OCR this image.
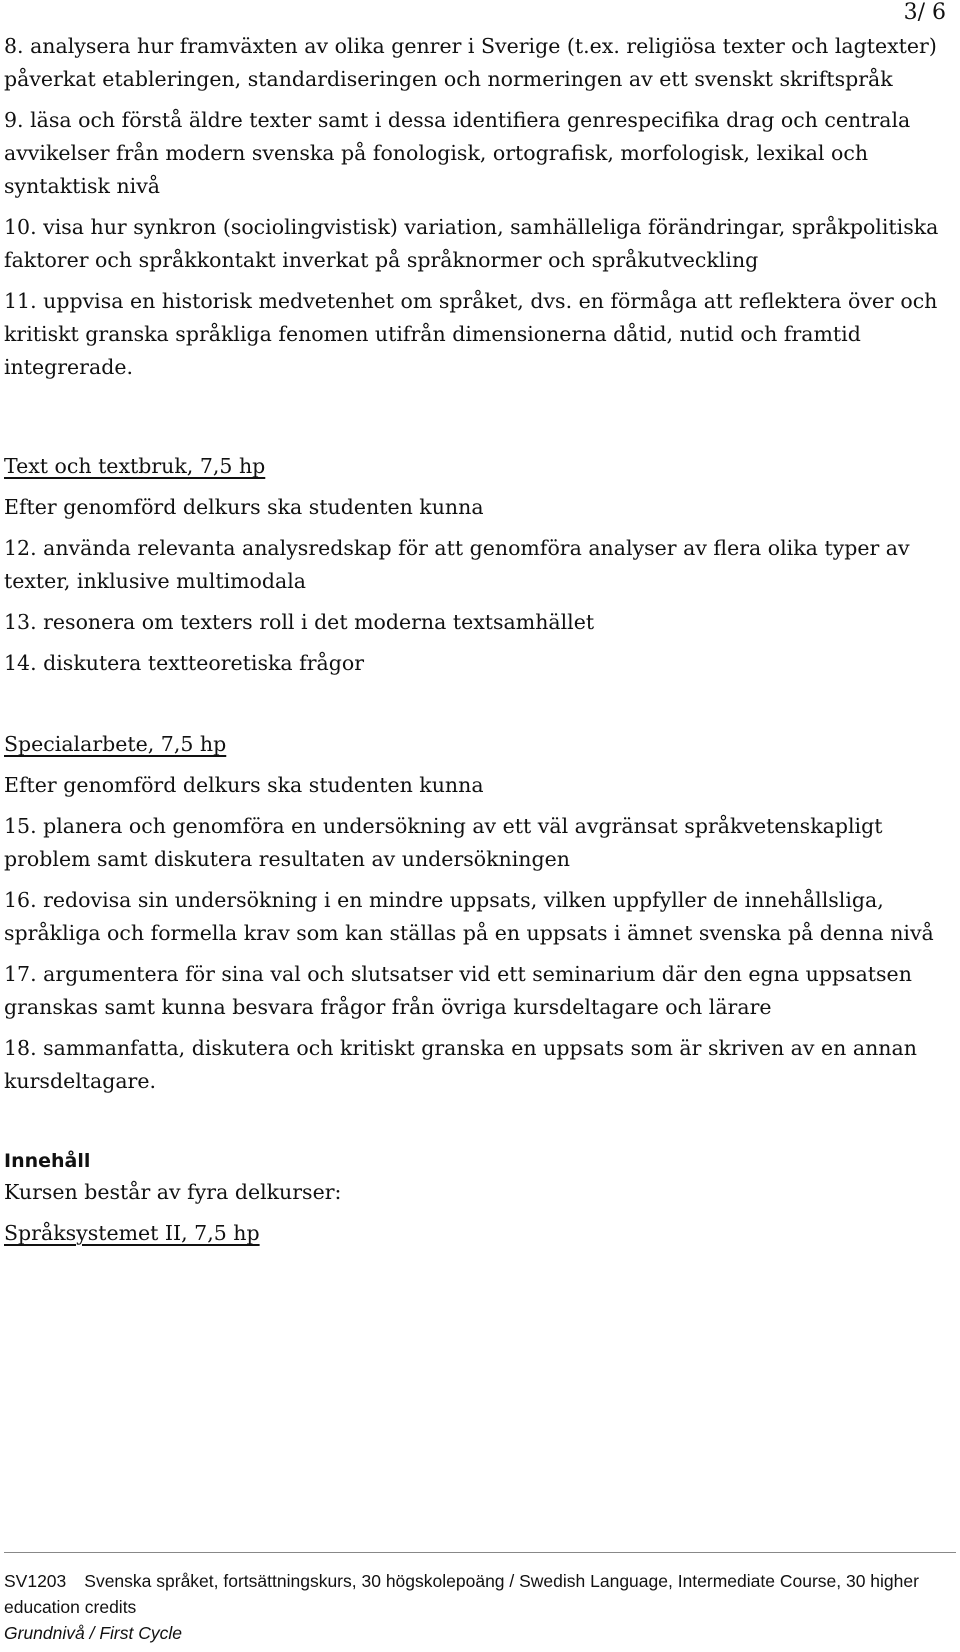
3/ 6

8. analysera hur framväxten av olika genrer i Sverige (t.ex. religiösa texter och lagtexter) påverkat etableringen, standardiseringen och normeringen av ett svenskt skriftspråk

9. läsa och förstå äldre texter samt i dessa identifiera genrespecifika drag och centrala avvikelser från modern svenska på fonologisk, ortografisk, morfologisk, lexikal och syntaktisk nivå

10. visa hur synkron (sociolingvistisk) variation, samhälleliga förändringar, språkpolitiska faktorer och språkkontakt inverkat på språknormer och språkutveckling

11. uppvisa en historisk medvetenhet om språket, dvs. en förmåga att reflektera över och kritiskt granska språkliga fenomen utifrån dimensionerna dåtid, nutid och framtid integrerade.

Text och textbruk, 7,5 hp

Efter genomförd delkurs ska studenten kunna

12. använda relevanta analysredskap för att genomföra analyser av flera olika typer av texter, inklusive multimodala

13. resonera om texters roll i det moderna textsamhället

14. diskutera textteoretiska frågor

Specialarbete, 7,5 hp

Efter genomförd delkurs ska studenten kunna

15. planera och genomföra en undersökning av ett väl avgränsat språkvetenskapligt problem samt diskutera resultaten av undersökningen

16. redovisa sin undersökning i en mindre uppsats, vilken uppfyller de innehållsliga, språkliga och formella krav som kan ställas på en uppsats i ämnet svenska på denna nivå

17. argumentera för sina val och slutsatser vid ett seminarium där den egna uppsatsen granskas samt kunna besvara frågor från övriga kursdeltagare och lärare

18. sammanfatta, diskutera och kritiskt granska en uppsats som är skriven av en annan kursdeltagare.

Innehåll

Kursen består av fyra delkurser:

Språksystemet II, 7,5 hp

SV1203 Svenska språket, fortsättningskurs, 30 högskolepoäng / Swedish Language, Intermediate Course, 30 higher education credits
Grundnivå / First Cycle
